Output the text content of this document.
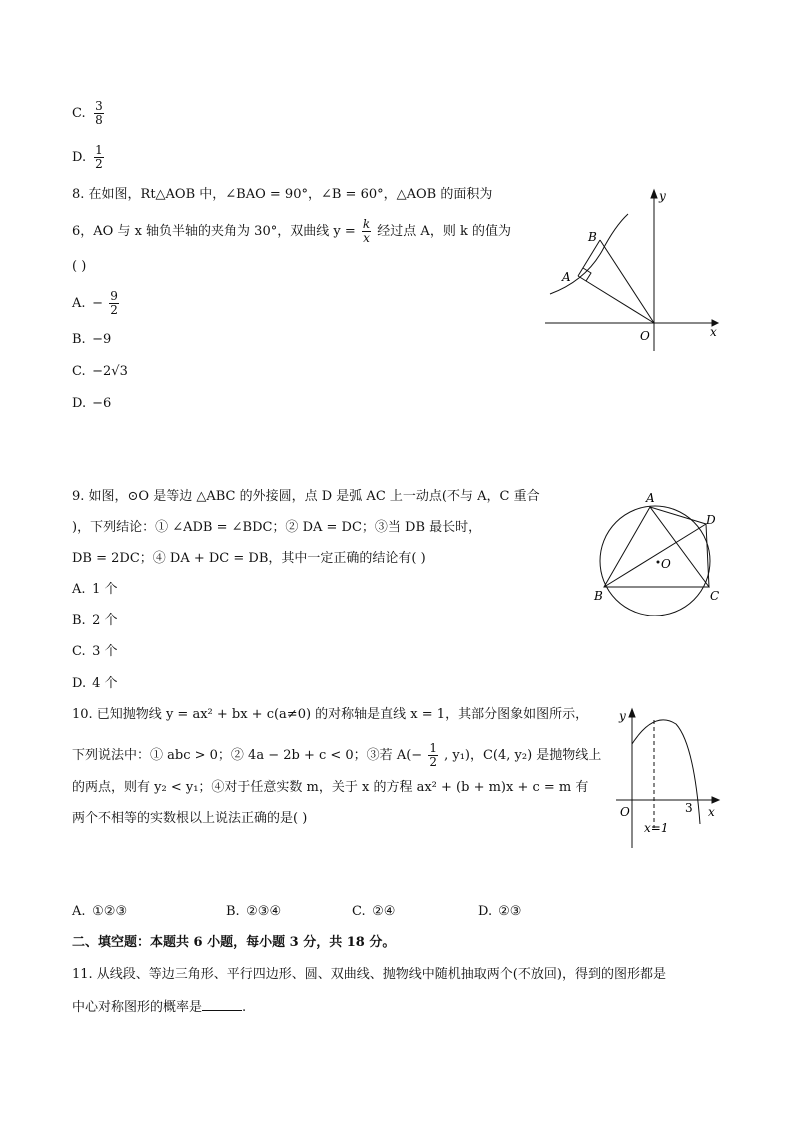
C. $\frac{3}{8}$
D. $\frac{1}{2}$
8. 在如图，Rt△AOB 中，∠BAO = 90°，∠B = 60°，△AOB 的面积为
6，AO 与 x 轴负半轴的夹角为 30°，双曲线 $y = \frac{k}{x}$ 经过点 A，则 k 的值为
( )
A. − $\frac{9}{2}$
B. −9
C. −2√3
D. −6
y
x
O
A
B
9. 如图，⊙O 是等边 △ABC 的外接圆，点 D 是弧 AC 上一动点(不与 A，C 重合
)，下列结论：① ∠ADB = ∠BDC；② DA = DC；③当 DB 最长时，
DB = 2DC；④ DA + DC = DB，其中一定正确的结论有( )
A. 1 个
B. 2 个
C. 3 个
D. 4 个
A
B	C
D
O
10. 已知抛物线 y = ax² + bx + c(a≠0) 的对称轴是直线 x = 1，其部分图象如图所示，
下列说法中：① abc > 0；② 4a − 2b + c < 0；③若 $A(- \frac{1}{2}$ , y₁)，C(4, y₂) 是抛物线上
的两点，则有 y₂ < y₁；④对于任意实数 m，关于 x 的方程 ax² + (b + m)x + c = m 有
两个不相等的实数根以上说法正确的是( )
y
x
O	3
x=1
A. ①②③	B. ②③④	C. ②④	D. ②③
二、填空题：本题共 6 小题，每小题 3 分，共 18 分。
11. 从线段、等边三角形、平行四边形、圆、双曲线、抛物线中随机抽取两个(不放回)，得到的图形都是
中心对称图形的概率是	.
